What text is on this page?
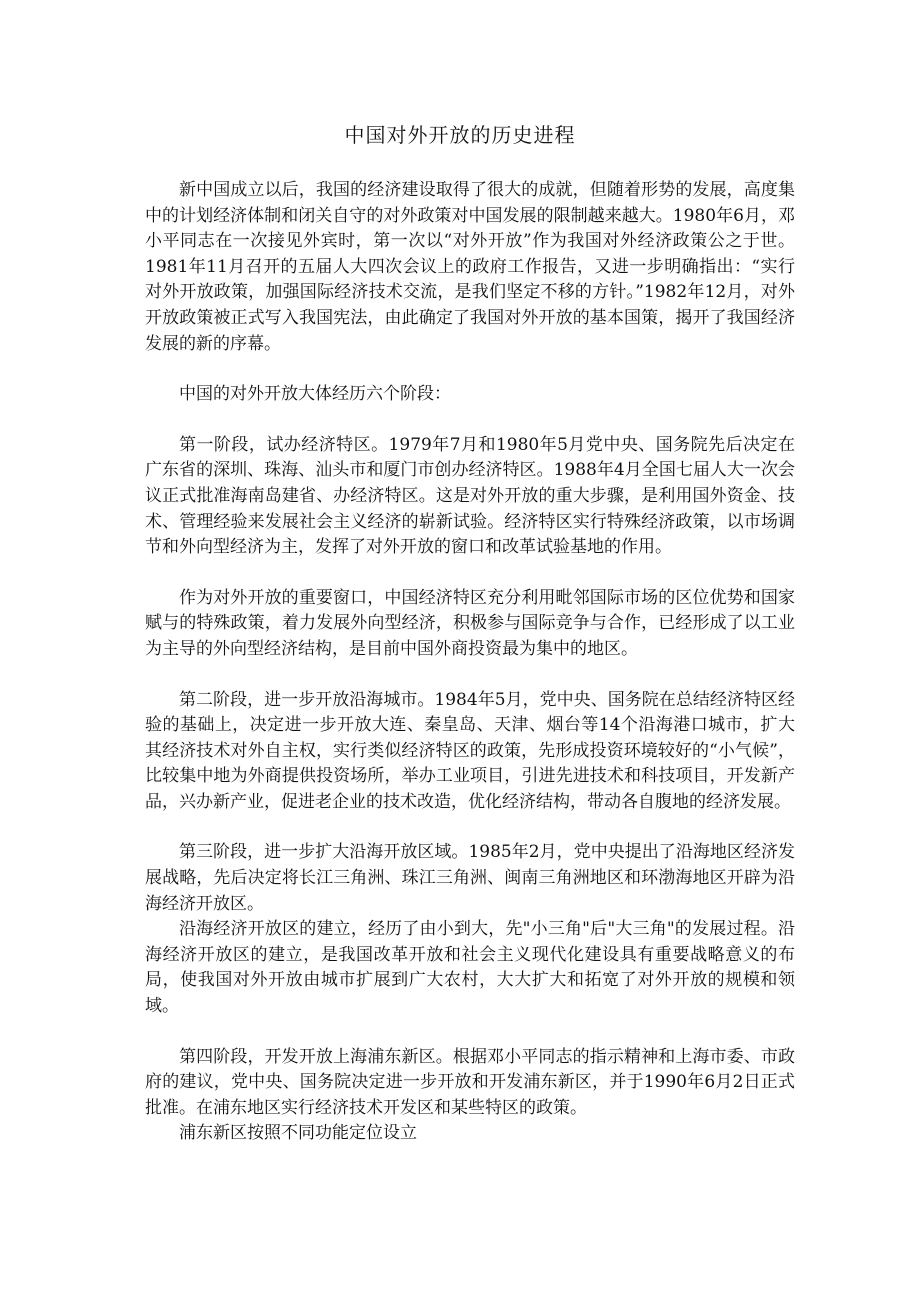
中国对外开放的历史进程

新中国成立以后，我国的经济建设取得了很大的成就，但随着形势的发展，高度集中的计划经济体制和闭关自守的对外政策对中国发展的限制越来越大。1980年6月，邓小平同志在一次接见外宾时，第一次以“对外开放”作为我国对外经济政策公之于世。1981年11月召开的五届人大四次会议上的政府工作报告，又进一步明确指出：“实行对外开放政策，加强国际经济技术交流，是我们坚定不移的方针。”1982年12月，对外开放政策被正式写入我国宪法，由此确定了我国对外开放的基本国策，揭开了我国经济发展的新的序幕。

中国的对外开放大体经历六个阶段：

第一阶段，试办经济特区。1979年7月和1980年5月党中央、国务院先后决定在广东省的深圳、珠海、汕头市和厦门市创办经济特区。1988年4月全国七届人大一次会议正式批准海南岛建省、办经济特区。这是对外开放的重大步骤，是利用国外资金、技术、管理经验来发展社会主义经济的崭新试验。经济特区实行特殊经济政策，以市场调节和外向型经济为主，发挥了对外开放的窗口和改革试验基地的作用。

作为对外开放的重要窗口，中国经济特区充分利用毗邻国际市场的区位优势和国家赋与的特殊政策，着力发展外向型经济，积极参与国际竞争与合作，已经形成了以工业为主导的外向型经济结构，是目前中国外商投资最为集中的地区。

第二阶段，进一步开放沿海城市。1984年5月，党中央、国务院在总结经济特区经验的基础上，决定进一步开放大连、秦皇岛、天津、烟台等14个沿海港口城市，扩大其经济技术对外自主权，实行类似经济特区的政策，先形成投资环境较好的“小气候”，比较集中地为外商提供投资场所，举办工业项目，引进先进技术和科技项目，开发新产品，兴办新产业，促进老企业的技术改造，优化经济结构，带动各自腹地的经济发展。

第三阶段，进一步扩大沿海开放区域。1985年2月，党中央提出了沿海地区经济发展战略，先后决定将长江三角洲、珠江三角洲、闽南三角洲地区和环渤海地区开辟为沿海经济开放区。

沿海经济开放区的建立，经历了由小到大，先"小三角"后"大三角"的发展过程。沿海经济开放区的建立，是我国改革开放和社会主义现代化建设具有重要战略意义的布局，使我国对外开放由城市扩展到广大农村，大大扩大和拓宽了对外开放的规模和领域。

第四阶段，开发开放上海浦东新区。根据邓小平同志的指示精神和上海市委、市政府的建议，党中央、国务院决定进一步开放和开发浦东新区，并于1990年6月2日正式批准。在浦东地区实行经济技术开发区和某些特区的政策。

浦东新区按照不同功能定位设立
